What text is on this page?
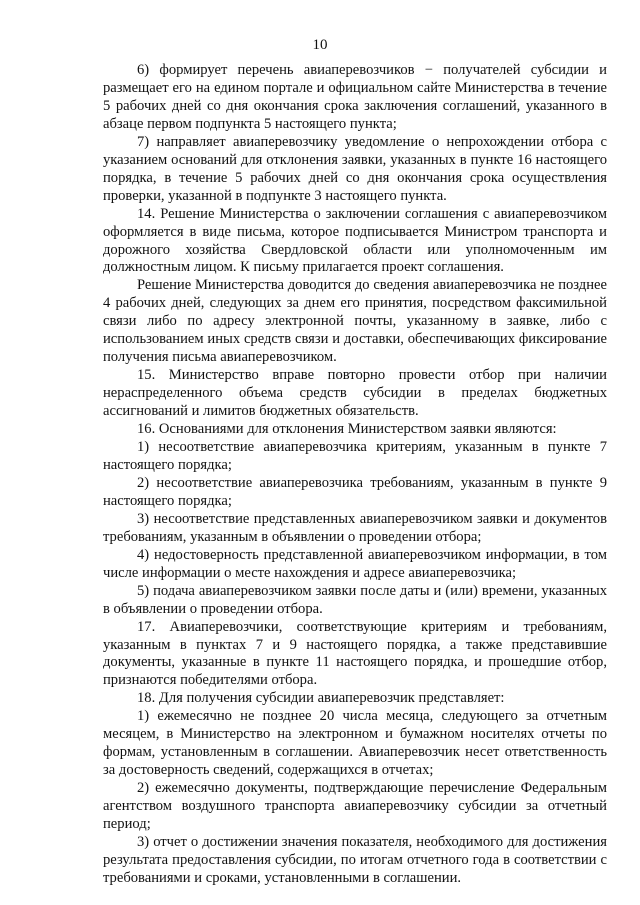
10

6) формирует перечень авиаперевозчиков − получателей субсидии и размещает его на едином портале и официальном сайте Министерства в течение 5 рабочих дней со дня окончания срока заключения соглашений, указанного в абзаце первом подпункта 5 настоящего пункта;

7) направляет авиаперевозчику уведомление о непрохождении отбора с указанием оснований для отклонения заявки, указанных в пункте 16 настоящего порядка, в течение 5 рабочих дней со дня окончания срока осуществления проверки, указанной в подпункте 3 настоящего пункта.

14. Решение Министерства о заключении соглашения с авиаперевозчиком оформляется в виде письма, которое подписывается Министром транспорта и дорожного хозяйства Свердловской области или уполномоченным им должностным лицом. К письму прилагается проект соглашения.

Решение Министерства доводится до сведения авиаперевозчика не позднее 4 рабочих дней, следующих за днем его принятия, посредством факсимильной связи либо по адресу электронной почты, указанному в заявке, либо с использованием иных средств связи и доставки, обеспечивающих фиксирование получения письма авиаперевозчиком.

15. Министерство вправе повторно провести отбор при наличии нераспределенного объема средств субсидии в пределах бюджетных ассигнований и лимитов бюджетных обязательств.

16. Основаниями для отклонения Министерством заявки являются:

1) несоответствие авиаперевозчика критериям, указанным в пункте 7 настоящего порядка;

2) несоответствие авиаперевозчика требованиям, указанным в пункте 9 настоящего порядка;

3) несоответствие представленных авиаперевозчиком заявки и документов требованиям, указанным в объявлении о проведении отбора;

4) недостоверность представленной авиаперевозчиком информации, в том числе информации о месте нахождения и адресе авиаперевозчика;

5) подача авиаперевозчиком заявки после даты и (или) времени, указанных в объявлении о проведении отбора.

17. Авиаперевозчики, соответствующие критериям и требованиям, указанным в пунктах 7 и 9 настоящего порядка, а также представившие документы, указанные в пункте 11 настоящего порядка, и прошедшие отбор, признаются победителями отбора.

18. Для получения субсидии авиаперевозчик представляет:

1) ежемесячно не позднее 20 числа месяца, следующего за отчетным месяцем, в Министерство на электронном и бумажном носителях отчеты по формам, установленным в соглашении. Авиаперевозчик несет ответственность за достоверность сведений, содержащихся в отчетах;

2) ежемесячно документы, подтверждающие перечисление Федеральным агентством воздушного транспорта авиаперевозчику субсидии за отчетный период;

3) отчет о достижении значения показателя, необходимого для достижения результата предоставления субсидии, по итогам отчетного года в соответствии с требованиями и сроками, установленными в соглашении.
